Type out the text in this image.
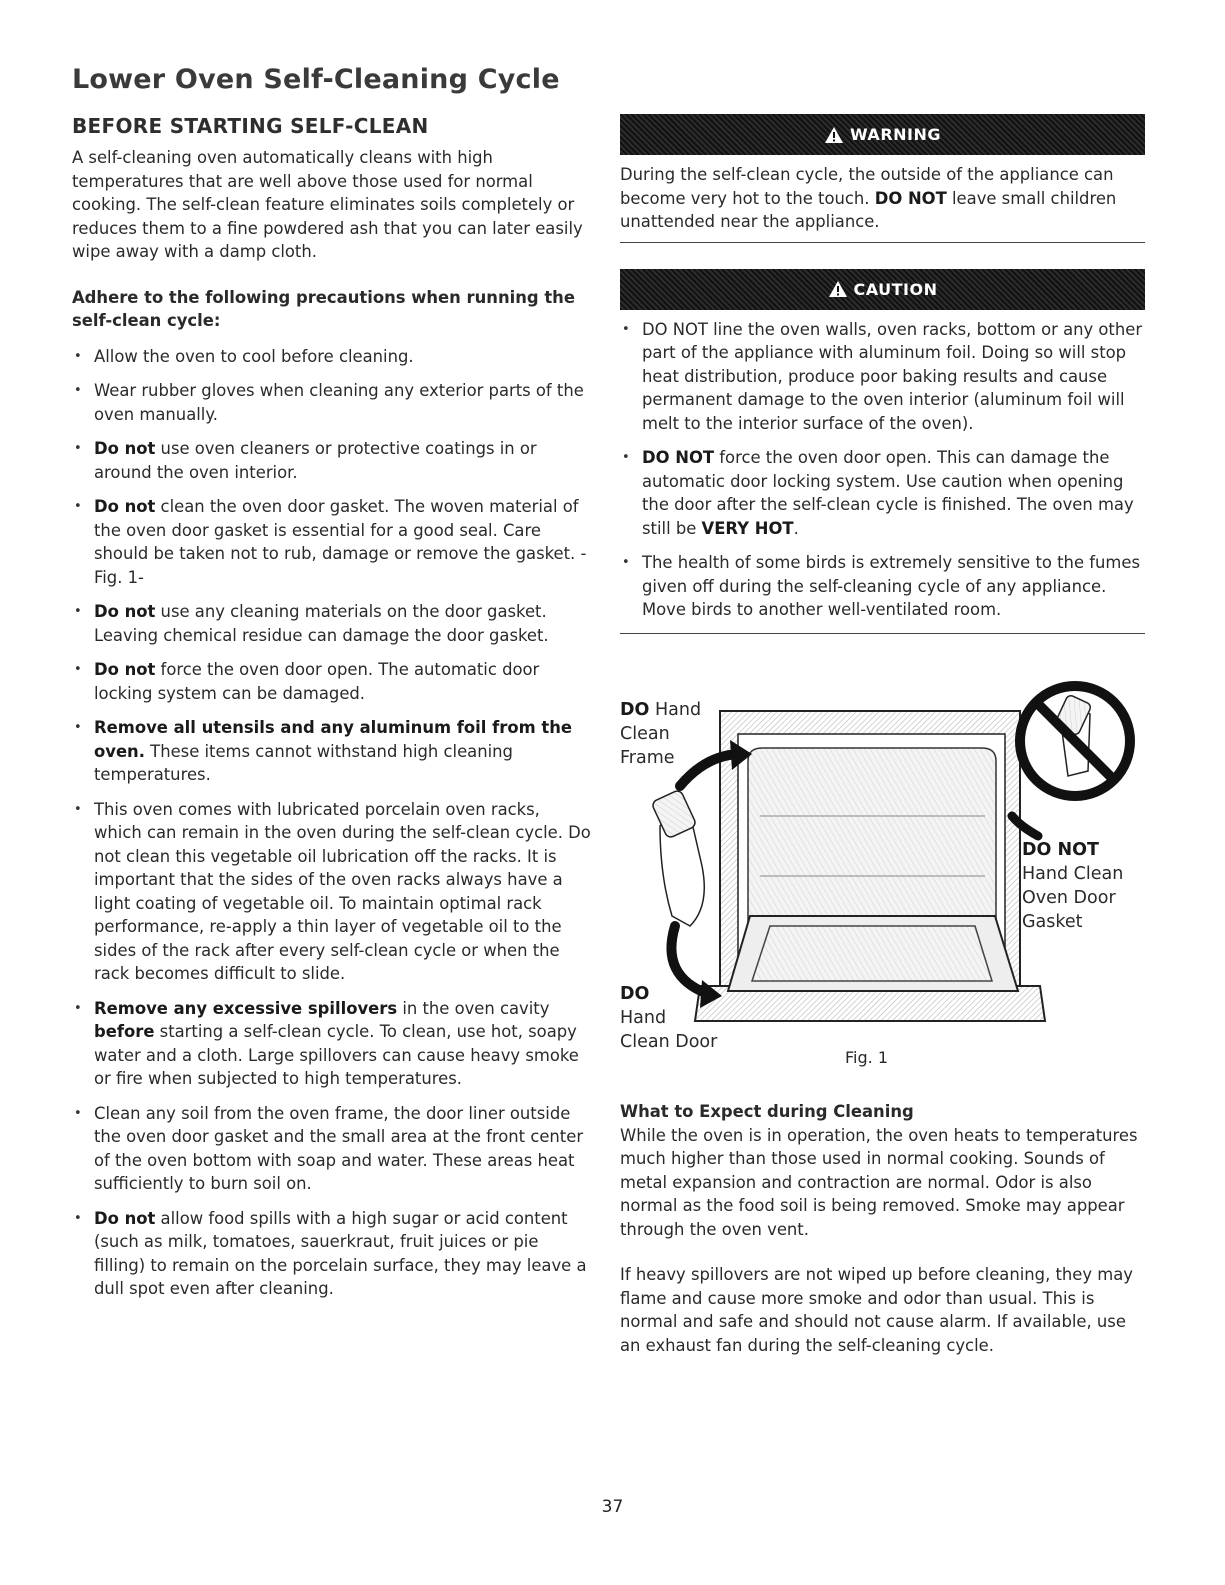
Lower Oven Self-Cleaning Cycle
BEFORE STARTING SELF-CLEAN

A self-cleaning oven automatically cleans with high temperatures that are well above those used for normal cooking. The self-clean feature eliminates soils completely or reduces them to a fine powdered ash that you can later easily wipe away with a damp cloth.

Adhere to the following precautions when running the self-clean cycle:

• Allow the oven to cool before cleaning.
• Wear rubber gloves when cleaning any exterior parts of the oven manually.
• Do not use oven cleaners or protective coatings in or around the oven interior.
• Do not clean the oven door gasket. The woven material of the oven door gasket is essential for a good seal. Care should be taken not to rub, damage or remove the gasket. -Fig. 1-
• Do not use any cleaning materials on the door gasket. Leaving chemical residue can damage the door gasket.
• Do not force the oven door open. The automatic door locking system can be damaged.
• Remove all utensils and any aluminum foil from the oven. These items cannot withstand high cleaning temperatures.
• This oven comes with lubricated porcelain oven racks, which can remain in the oven during the self-clean cycle. Do not clean this vegetable oil lubrication off the racks. It is important that the sides of the oven racks always have a light coating of vegetable oil. To maintain optimal rack performance, re-apply a thin layer of vegetable oil to the sides of the rack after every self-clean cycle or when the rack becomes difficult to slide.
• Remove any excessive spillovers in the oven cavity before starting a self-clean cycle. To clean, use hot, soapy water and a cloth. Large spillovers can cause heavy smoke or fire when subjected to high temperatures.
• Clean any soil from the oven frame, the door liner outside the oven door gasket and the small area at the front center of the oven bottom with soap and water. These areas heat sufficiently to burn soil on.
• Do not allow food spills with a high sugar or acid content (such as milk, tomatoes, sauerkraut, fruit juices or pie filling) to remain on the porcelain surface, they may leave a dull spot even after cleaning.
WARNING

During the self-clean cycle, the outside of the appliance can become very hot to the touch. DO NOT leave small children unattended near the appliance.

CAUTION
• DO NOT line the oven walls, oven racks, bottom or any other part of the appliance with aluminum foil. Doing so will stop heat distribution, produce poor baking results and cause permanent damage to the oven interior (aluminum foil will melt to the interior surface of the oven).
• DO NOT force the oven door open. This can damage the automatic door locking system. Use caution when opening the door after the self-clean cycle is finished. The oven may still be VERY HOT.
• The health of some birds is extremely sensitive to the fumes given off during the self-cleaning cycle of any appliance. Move birds to another well-ventilated room.
DO Hand
Clean
Frame
DO NOT
Hand Clean
Oven Door
Gasket
DO
Hand
Clean Door
Fig. 1

What to Expect during Cleaning

While the oven is in operation, the oven heats to temperatures much higher than those used in normal cooking. Sounds of metal expansion and contraction are normal. Odor is also normal as the food soil is being removed. Smoke may appear through the oven vent.

If heavy spillovers are not wiped up before cleaning, they may flame and cause more smoke and odor than usual. This is normal and safe and should not cause alarm. If available, use an exhaust fan during the self-cleaning cycle.

37
